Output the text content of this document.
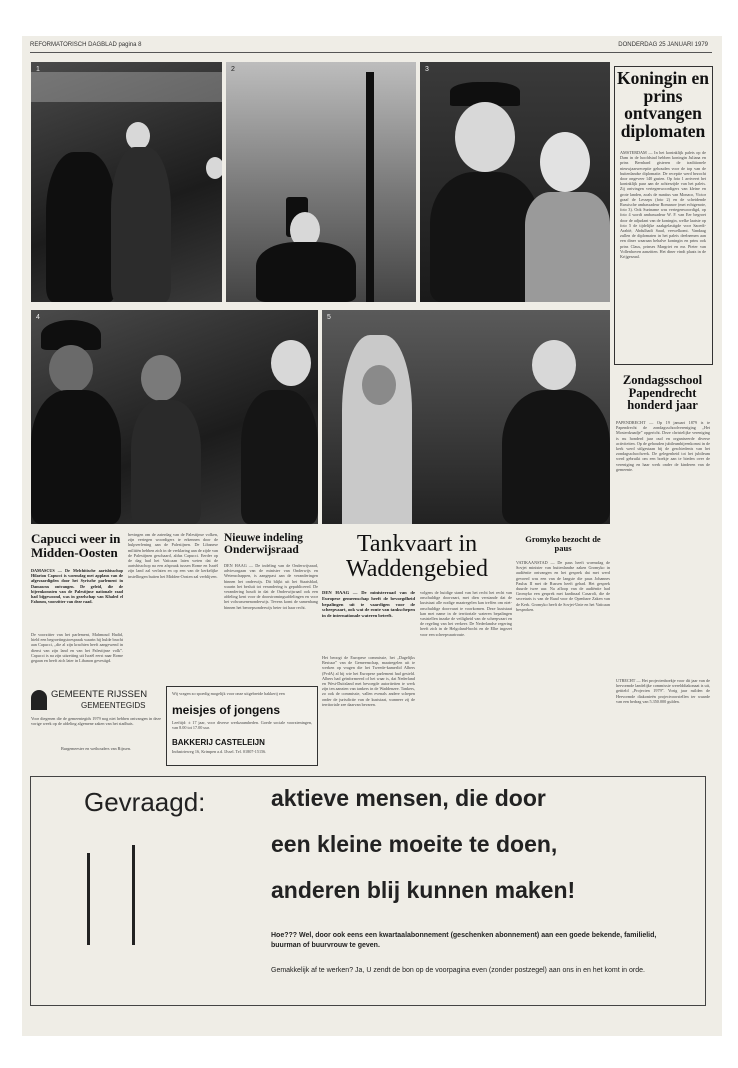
REFORMATORISCH DAGBLAD pagina 8	DONDERDAG 25 JANUARI 1979
1	2	3
4	5
Koningin en prins ontvangen diplomaten
AMSTERDAM — In het koninklijk paleis op de Dam in de hoofdstad hebben koningin Juliana en prins Bernhard gisteren de traditionele nieuwjaarsreceptie gehouden voor de top van de buitenlandse diplomatie. De receptie werd bezocht door ongeveer 140 gasten. Op foto 1 arriveert het koninklijk paar aan de achterzijde van het paleis. Zij ontvingen vertegenwoordigers van kleine en grote landen, zoals de nuntius van Monaco, Victor graaf de Lesseps (foto 2) en de scheidende Russische ambassadeur Romanov (met echtgenote, foto 3). Ook Suriname was vertegenwoordigd, op foto 4 wordt ambassadeur W. F. van Eer begroet door de adjudant van de koningin, welke laatste op foto 5 de tijdelijke zaakgelastigde voor Saoedi-Arabië, Abdulhadi Saad, verwelkomt. Vandaag zullen de diplomaten in het paleis deelnemen aan een diner waaraan behalve koningin en prins ook prins Claus, prinses Margriet en mr. Pieter van Vollenhoven aanzitten. Het diner vindt plaats in de Krijgerzaal.
Zondagsschool Papendrecht honderd jaar
PAPENDRECHT — Op 19 januari 1879 is te Papendrecht de zondagsschoolvereniging „Het Mosterdzaadje” opgericht. Deze christelijke vereniging is nu honderd jaar oud en organiseerde diverse activiteiten. Op de gehouden jubileumbijeenkomst in de kerk werd stilgestaan bij de geschiedenis van het zondagsschoolwerk. De gelegenheid tot het jubileum werd gebruikt om een boekje aan te bieden over de vereniging en haar werk onder de kinderen van de gemeente.
UTRECHT — Het projectenboekje voor dit jaar van de hervormde landelijke commissie werelddiakonaat is uit, getiteld „Projecten 1979”. Vorig jaar ruilden de Hervormde diakonieën projectvoorstellen ter waarde van een bedrag van 5.350.000 gulden.
Capucci weer in Midden-Oosten
DAMASCUS — De Melchitische aartsbisschop Hilarion Capucci is woensdag met applaus van de afgevaardigden door het Syrische parlement in Damascus ontvangen. De geleid, die de bijeenkomsten van de Palestijnse nationale raad had bijgewoond, was in gezelschap van Khaled el Fahoum, voorzitter van deze raad.
De voorzitter van het parlement, Mahmoud Hadid, hield een begroetingstoespraak waarin hij hulde bracht aan Capucci, „die al zijn krachten heeft aangewend in dienst van zijn land en van het Palestijnse volk”. Capucci is na zijn uitzetting uit Israël eerst naar Rome gegaan en heeft zich later in Libanon gevestigd.
bevingen om de zaterdag van de Palestijnse volken, zijn vertegen woordigers te erkennen door de hulpverlening aan de Palestijnen. De Libanese militiën hebben zich in de verklaring aan de zijde van de Palestijnen geschaard, aldus Capucci. Eerder op de dag had het Vaticaan laten weten dat de aartsbisschop na een afspraak tussen Rome en Israël zijn land zal verlaten en op een van de kerkelijke instellingen buiten het Midden-Oosten zal verblijven.
Nieuwe indeling Onderwijsraad
DEN HAAG — De indeling van de Onderwijsraad, adviesorgaan van de minister van Onderwijs en Wetenschappen, is aangepast aan de veranderingen binnen het onderwijs. Dit blijkt uit het Staatsblad, waarin het besluit tot verandering is gepubliceerd. De verandering houdt in dat de Onderwijsraad ook een afdeling kent voor de doorstromingsafdelingen en voor het volwassenenonderwijs. Tevens komt de samenhang binnen het beroepsonderwijs beter tot haar recht.
Tankvaart in Waddengebied
DEN HAAG — De ministerraad van de Europese gemeenschap heeft de bevoegdheid bepalingen uit te vaardigen voor de scheepvaart, ook wat de route van tankschepen in de internationale wateren betreft.
Het beoogt de Europese commissie, het „Dagelijks Bestuur” van de Gemeenschap, maatregelen uit te werken op vragen die het Tweede-kamerlid Albers (PvdA) al bij wie het Europese parlement had gesteld. Albers had geïnformeerd of het waar is, dat Nederland en West-Duitsland met bevoegde autoriteiten te werk zijn ten aanzien van tankers in de Waddenzee. Tankers, zo ook de commissie, vallen evenals andere schepen onder de jurisdictie van de kuststaat, wanneer zij de territoriale zee daarvan bevaren.
volgens de huidige stand van het recht het recht van onschuldige doorvaart, met dien verstande dat de kuststaat alle nodige maatregelen kan treffen om niet-onschuldige doorvaart te voorkomen. Deze kuststaat kan met name in de territoriale wateren bepalingen vaststellen inzake de veiligheid van de scheepvaart en de regeling van het verkeer. De Nederlandse regering heeft zich in de Helgoland-bocht en de Elbe ingezet voor een scheepvaartroute.
Gromyko bezocht de paus
VATIKAANSTAD — De paus heeft woensdag de Sovjet minister van buitenlandse zaken Gromyko in audiëntie ontvangen en het gesprek dat met werd gevoerd was een van de langste die paus Johannes Paulus II met de Russen heeft gehad. Het gesprek duurde twee uur. Na afloop van de audiëntie had Gromyko een gesprek met kardinaal Casaroli, die de secretaris is van de Raad voor de Openbare Zaken van de Kerk. Gromyko heeft de Sovjet-Unie en het Vaticaan besproken.
GEMEENTE RIJSSEN
GEMEENTEGIDS
Voor diegenen die de gemeentegids 1979 nog niet hebben ontvangen in deze vorige week op de afdeling algemene zaken van het stadhuis.
Burgemeester en wethouders van Rijssen.
Wij vragen zo spoedig mogelijk voor onze uitgebreide bakkerij een
meisjes of jongens
Leeftijd: ± 17 jaar, voor diverse werkzaamheden. Goede sociale voorzieningen, van 8.00 tot 17.00 uur.
BAKKERIJ CASTELEIJN
Industrieweg 16, Krimpen a.d. IJssel. Tel. 01807-15156.
Gevraagd:	aktieve mensen, die door
een kleine moeite te doen,
anderen blij kunnen maken!
Hoe??? Wel, door ook eens een kwartaalabonnement (geschenken abonnement) aan een goede bekende, familielid, buurman of buurvrouw te geven.
Gemakkelijk af te werken? Ja, U zendt de bon op de voorpagina even (zonder postzegel) aan ons in en het komt in orde.
